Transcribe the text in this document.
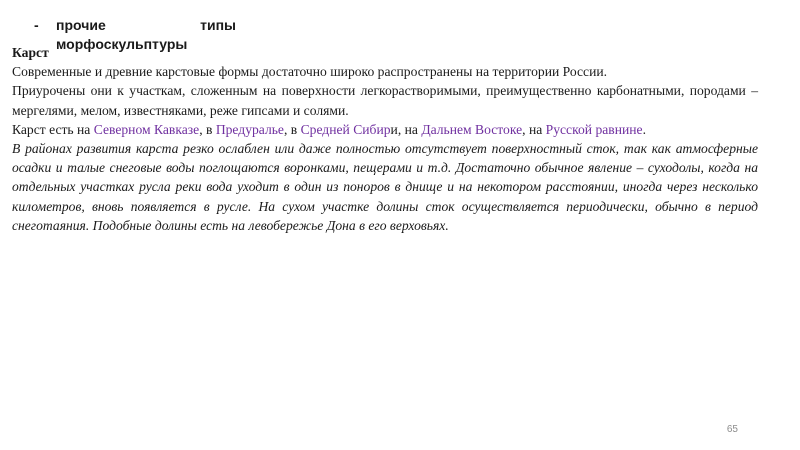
- прочие	типы
морфоскульптуры

Карст

Современные и древние карстовые формы достаточно широко распространены на территории России.

Приурочены они к участкам, сложенным на поверхности легкорастворимыми, преимущественно карбонатными, породами – мергелями, мелом, известняками, реже гипсами и солями.

Карст есть на Северном Кавказе, в Предуралье, в Средней Сибири, на Дальнем Востоке, на Русской равнине.

В районах развития карста резко ослаблен или даже полностью отсутствует поверхностный сток, так как атмосферные осадки и талые снеговые воды поглощаются воронками, пещерами и т.д. Достаточно обычное явление – суходолы, когда на отдельных участках русла реки вода уходит в один из поноров в днище и на некотором расстоянии, иногда через несколько километров, вновь появляется в русле. На сухом участке долины сток осуществляется периодически, обычно в период снеготаяния. Подобные долины есть на левобережье Дона в его верховьях.

65
